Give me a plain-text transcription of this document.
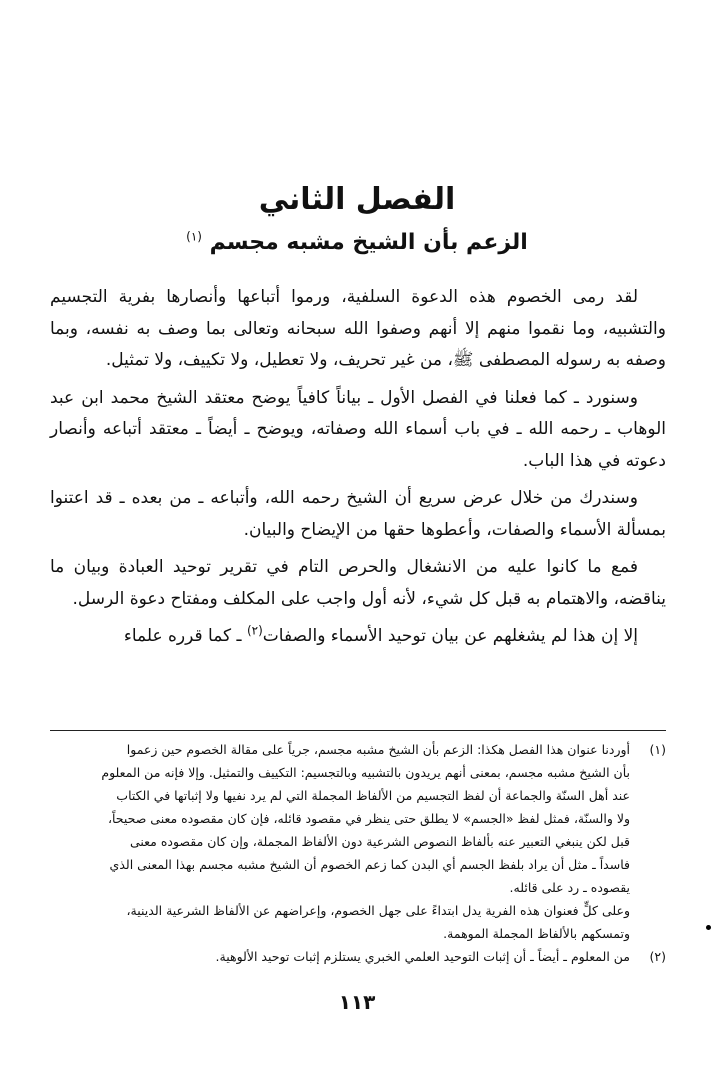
الفصل الثاني
الزعم بأن الشيخ مشبه مجسم $^{(١)}$

لقد رمى الخصوم هذه الدعوة السلفية، ورموا أتباعها وأنصارها بفرية التجسيم والتشبيه، وما نقموا منهم إلا أنهم وصفوا الله سبحانه وتعالى بما وصف به نفسه، وبما وصفه به رسوله المصطفى ﷺ، من غير تحريف، ولا تعطيل، ولا تكييف، ولا تمثيل.

وسنورد ـ كما فعلنا في الفصل الأول ـ بياناً كافياً يوضح معتقد الشيخ محمد ابن عبد الوهاب ـ رحمه الله ـ في باب أسماء الله وصفاته، ويوضح ـ أيضاً ـ معتقد أتباعه وأنصار دعوته في هذا الباب.

وسندرك من خلال عرض سريع أن الشيخ رحمه الله، وأتباعه ـ من بعده ـ قد اعتنوا بمسألة الأسماء والصفات، وأعطوها حقها من الإيضاح والبيان.

فمع ما كانوا عليه من الانشغال والحرص التام في تقرير توحيد العبادة وبيان ما يناقضه، والاهتمام به قبل كل شيء، لأنه أول واجب على المكلف ومفتاح دعوة الرسل.

إلا إن هذا لم يشغلهم عن بيان توحيد الأسماء والصفات$^{(٢)}$ ـ كما قرره علماء

(١)
أوردنا عنوان هذا الفصل هكذا: الزعم بأن الشيخ مشبه مجسم، جرياً على مقالة الخصوم حين زعموا
بأن الشيخ مشبه مجسم، بمعنى أنهم يريدون بالتشبيه وبالتجسيم: التكييف والتمثيل. وإلا فإنه من المعلوم
عند أهل السنّة والجماعة أن لفظ التجسيم من الألفاظ المجملة التي لم يرد نفيها ولا إثباتها في الكتاب
ولا والسنّة، فمثل لفظ «الجسم» لا يطلق حتى ينظر في مقصود قائله، فإن كان مقصوده معنى صحيحاً،
قبل لكن ينبغي التعبير عنه بألفاظ النصوص الشرعية دون الألفاظ المجملة، وإن كان مقصوده معنى
فاسداً ـ مثل أن يراد بلفظ الجسم أي البدن كما زعم الخصوم أن الشيخ مشبه مجسم بهذا المعنى الذي
يقصوده ـ رد على قائله.
وعلى كلٍّ فعنوان هذه الفرية يدل ابتداءً على جهل الخصوم، وإعراضهم عن الألفاظ الشرعية الدينية،
وتمسكهم بالألفاظ المجملة الموهمة.
(٢)
من المعلوم ـ أيضاً ـ أن إثبات التوحيد العلمي الخبري يستلزم إثبات توحيد الألوهية.
١١٣
